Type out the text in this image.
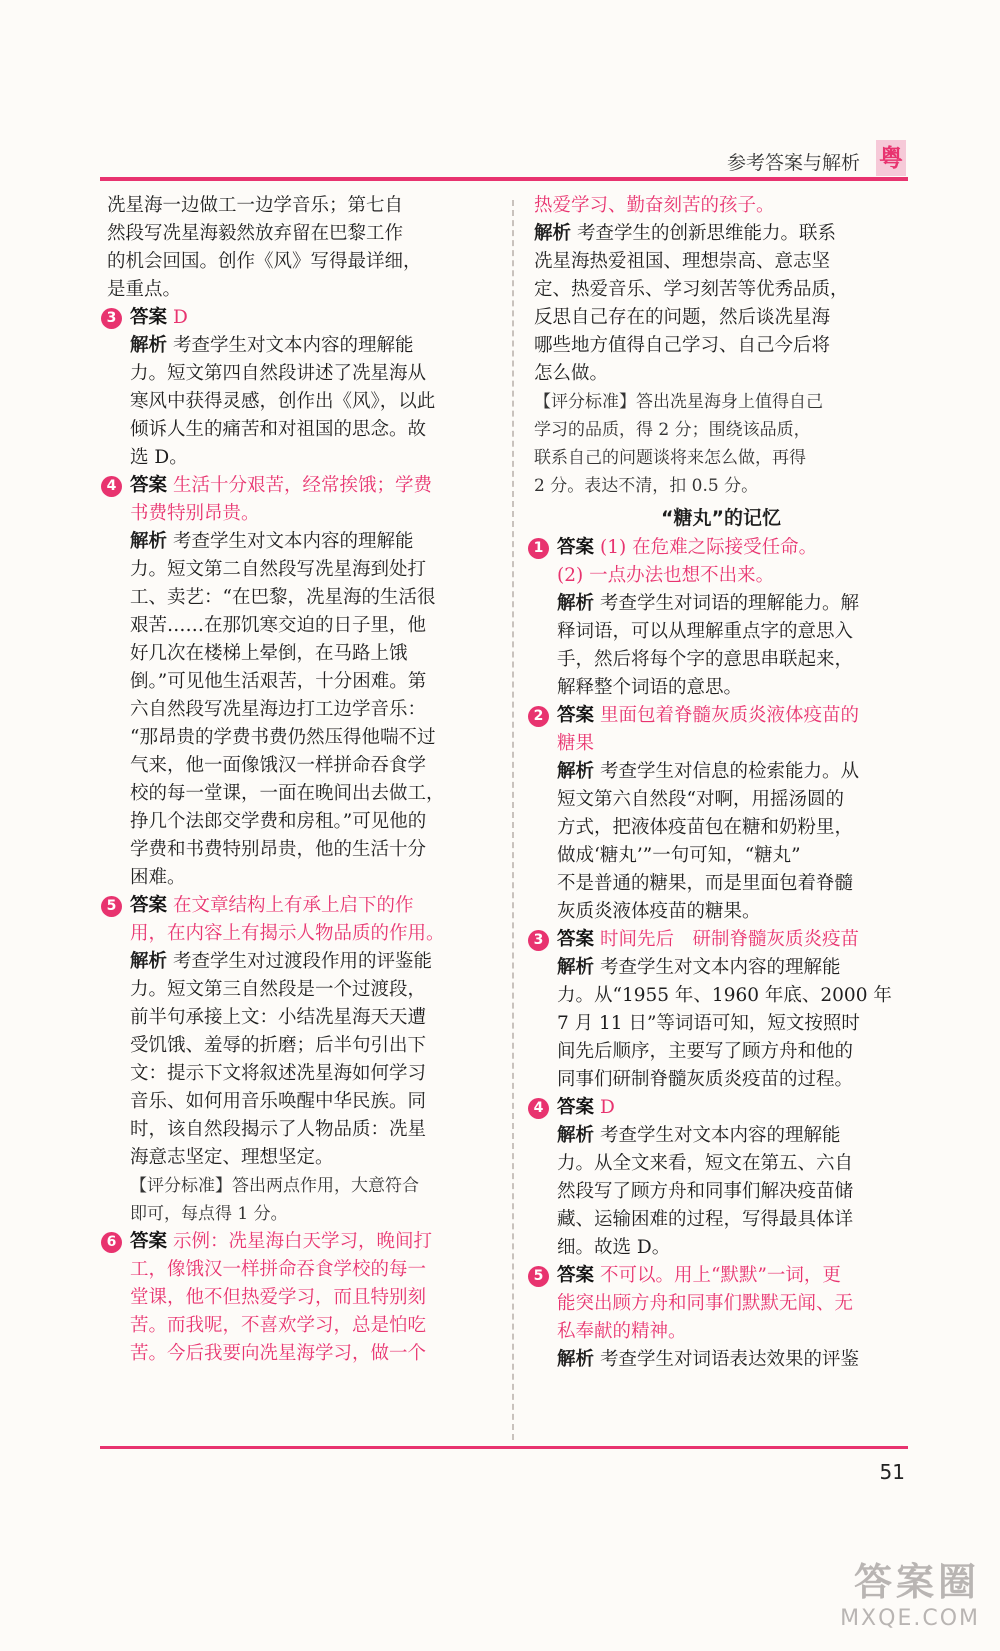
参考答案与解析 粤

冼星海一边做工一边学音乐；第七自

然段写冼星海毅然放弃留在巴黎工作

的机会回国。创作《风》写得最详细，

是重点。

3 答案 D

解析 考查学生对文本内容的理解能

力。短文第四自然段讲述了冼星海从

寒风中获得灵感，创作出《风》，以此

倾诉人生的痛苦和对祖国的思念。故

选 D。

4 答案 生活十分艰苦，经常挨饿；学费

书费特别昂贵。

解析 考查学生对文本内容的理解能

力。短文第二自然段写冼星海到处打

工、卖艺：“在巴黎，冼星海的生活很

艰苦……在那饥寒交迫的日子里，他

好几次在楼梯上晕倒，在马路上饿

倒。”可见他生活艰苦，十分困难。第

六自然段写冼星海边打工边学音乐：

“那昂贵的学费书费仍然压得他喘不过

气来，他一面像饿汉一样拼命吞食学

校的每一堂课，一面在晚间出去做工，

挣几个法郎交学费和房租。”可见他的

学费和书费特别昂贵，他的生活十分

困难。

5 答案 在文章结构上有承上启下的作

用，在内容上有揭示人物品质的作用。

解析 考查学生对过渡段作用的评鉴能

力。短文第三自然段是一个过渡段，

前半句承接上文：小结冼星海天天遭

受饥饿、羞辱的折磨；后半句引出下

文：提示下文将叙述冼星海如何学习

音乐、如何用音乐唤醒中华民族。同

时，该自然段揭示了人物品质：冼星

海意志坚定、理想坚定。

【评分标准】答出两点作用，大意符合

即可，每点得 1 分。

6 答案 示例：冼星海白天学习，晚间打

工，像饿汉一样拼命吞食学校的每一

堂课，他不但热爱学习，而且特别刻

苦。而我呢，不喜欢学习，总是怕吃

苦。今后我要向冼星海学习，做一个

热爱学习、勤奋刻苦的孩子。

解析 考查学生的创新思维能力。联系

冼星海热爱祖国、理想崇高、意志坚

定、热爱音乐、学习刻苦等优秀品质，

反思自己存在的问题，然后谈冼星海

哪些地方值得自己学习、自己今后将

怎么做。

【评分标准】答出冼星海身上值得自己

学习的品质，得 2 分；围绕该品质，

联系自己的问题谈将来怎么做，再得

2 分。表达不清，扣 0.5 分。

“糖丸”的记忆
1 答案 (1) 在危难之际接受任命。

(2) 一点办法也想不出来。

解析 考查学生对词语的理解能力。解

释词语，可以从理解重点字的意思入

手，然后将每个字的意思串联起来，

解释整个词语的意思。

2 答案 里面包着脊髓灰质炎液体疫苗的

糖果

解析 考查学生对信息的检索能力。从

短文第六自然段“对啊，用摇汤圆的

方式，把液体疫苗包在糖和奶粉里，

做成‘糖丸’”一句可知，“糖丸”

不是普通的糖果，而是里面包着脊髓

灰质炎液体疫苗的糖果。

3 答案 时间先后　研制脊髓灰质炎疫苗

解析 考查学生对文本内容的理解能

力。从“1955 年、1960 年底、2000 年

7 月 11 日”等词语可知，短文按照时

间先后顺序，主要写了顾方舟和他的

同事们研制脊髓灰质炎疫苗的过程。

4 答案 D

解析 考查学生对文本内容的理解能

力。从全文来看，短文在第五、六自

然段写了顾方舟和同事们解决疫苗储

藏、运输困难的过程，写得最具体详

细。故选 D。

5 答案 不可以。用上“默默”一词，更

能突出顾方舟和同事们默默无闻、无

私奉献的精神。

解析 考查学生对词语表达效果的评鉴

51
答案圈
MXQE.COM
